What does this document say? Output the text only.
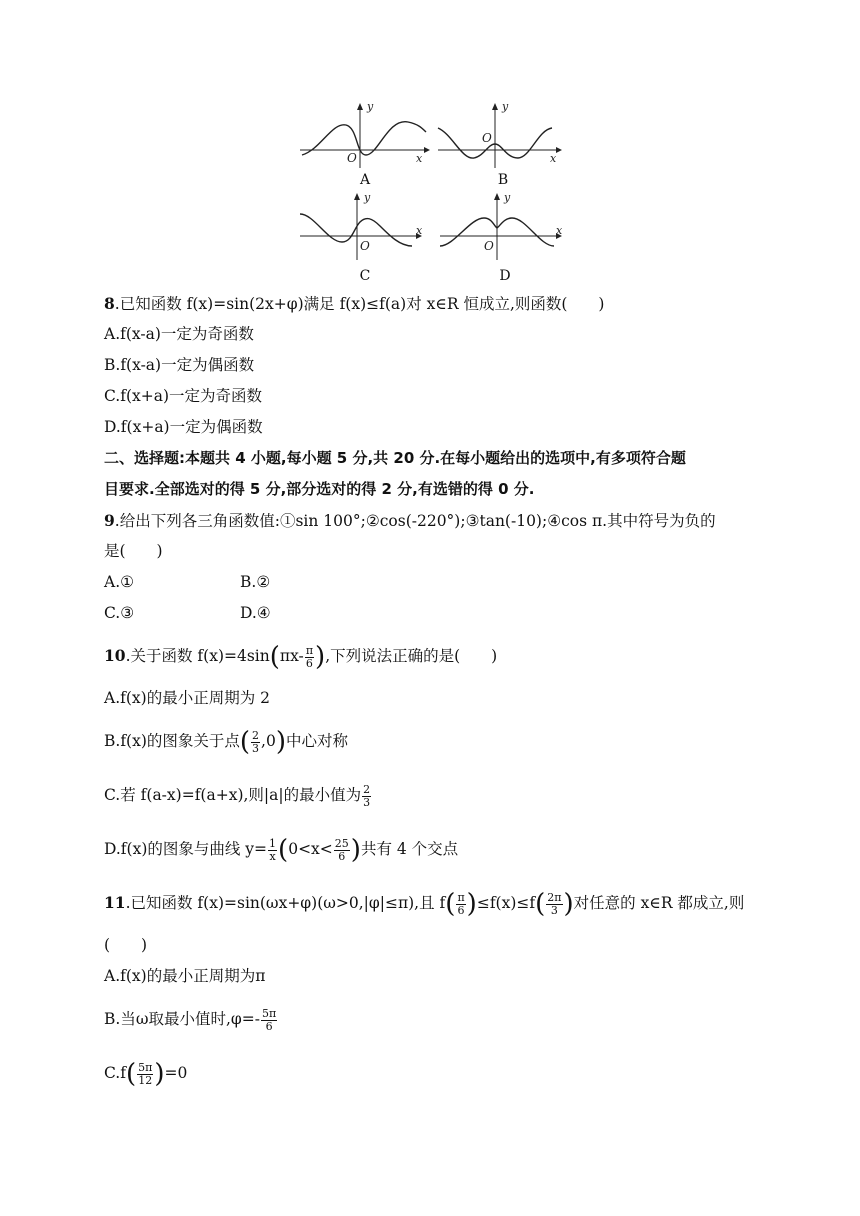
y
x
O
A
y
x
O
B
y
x
O
C
y
x
O
D
8.已知函数 f(x)=sin(2x+φ)满足 f(x)≤f(a)对 x∈R 恒成立,则函数(　　)
A.f(x-a)一定为奇函数
B.f(x-a)一定为偶函数
C.f(x+a)一定为奇函数
D.f(x+a)一定为偶函数
二、选择题:本题共 4 小题,每小题 5 分,共 20 分.在每小题给出的选项中,有多项符合题
目要求.全部选对的得 5 分,部分选对的得 2 分,有选错的得 0 分.
9.给出下列各三角函数值:①sin 100°;②cos(-220°);③tan(-10);④cos π.其中符号为负的
是(　　)
A.①	B.②
C.③	D.④
10.关于函数 $f(x)=4\sin(\pi x- \frac{\pi}{6}$ ),下列说法正确的是(　　)
A.f(x)的最小正周期为 2
B.f(x)的图象关于点( $\frac{2}{3} ,0$)中心对称
C.若 f(a-x)=f(a+x),则|a|的最小值为 $\frac{2}{3}$
D.f(x)的图象与曲线 $y= \frac{1}{x} (0<x< \frac{25}{6}$ )共有 4 个交点
11.已知函数 f(x)=sin(ωx+φ)(ω>0,|φ|≤π),且 $f( \frac{\pi}{6} )\le f(x)\le f( \frac{2\pi}{3}$ )对任意的 x∈R 都成立,则
(　　)
A.f(x)的最小正周期为π
B.当ω取最小值时$,\varphi=- \frac{5\pi}{6}$
$C.f( \frac{5\pi}{12} )=0$
